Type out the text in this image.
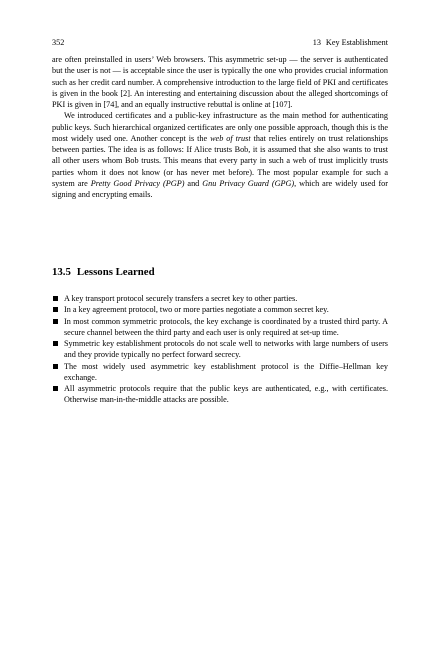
352	13 Key Establishment

are often preinstalled in users’ Web browsers. This asymmetric set-up — the server is authenticated but the user is not — is acceptable since the user is typically the one who provides crucial information such as her credit card number. A comprehensive introduction to the large field of PKI and certificates is given in the book [2]. An interesting and entertaining discussion about the alleged shortcomings of PKI is given in [74], and an equally instructive rebuttal is online at [107].

We introduced certificates and a public-key infrastructure as the main method for authenticating public keys. Such hierarchical organized certificates are only one possible approach, though this is the most widely used one. Another concept is the web of trust that relies entirely on trust relationships between parties. The idea is as follows: If Alice trusts Bob, it is assumed that she also wants to trust all other users whom Bob trusts. This means that every party in such a web of trust implicitly trusts parties whom it does not know (or has never met before). The most popular example for such a system are Pretty Good Privacy (PGP) and Gnu Privacy Guard (GPG), which are widely used for signing and encrypting emails.

13.5 Lessons Learned
A key transport protocol securely transfers a secret key to other parties.
In a key agreement protocol, two or more parties negotiate a common secret key.
In most common symmetric protocols, the key exchange is coordinated by a trusted third party. A secure channel between the third party and each user is only required at set-up time.
Symmetric key establishment protocols do not scale well to networks with large numbers of users and they provide typically no perfect forward secrecy.
The most widely used asymmetric key establishment protocol is the Diffie–Hellman key exchange.
All asymmetric protocols require that the public keys are authenticated, e.g., with certificates. Otherwise man-in-the-middle attacks are possible.
